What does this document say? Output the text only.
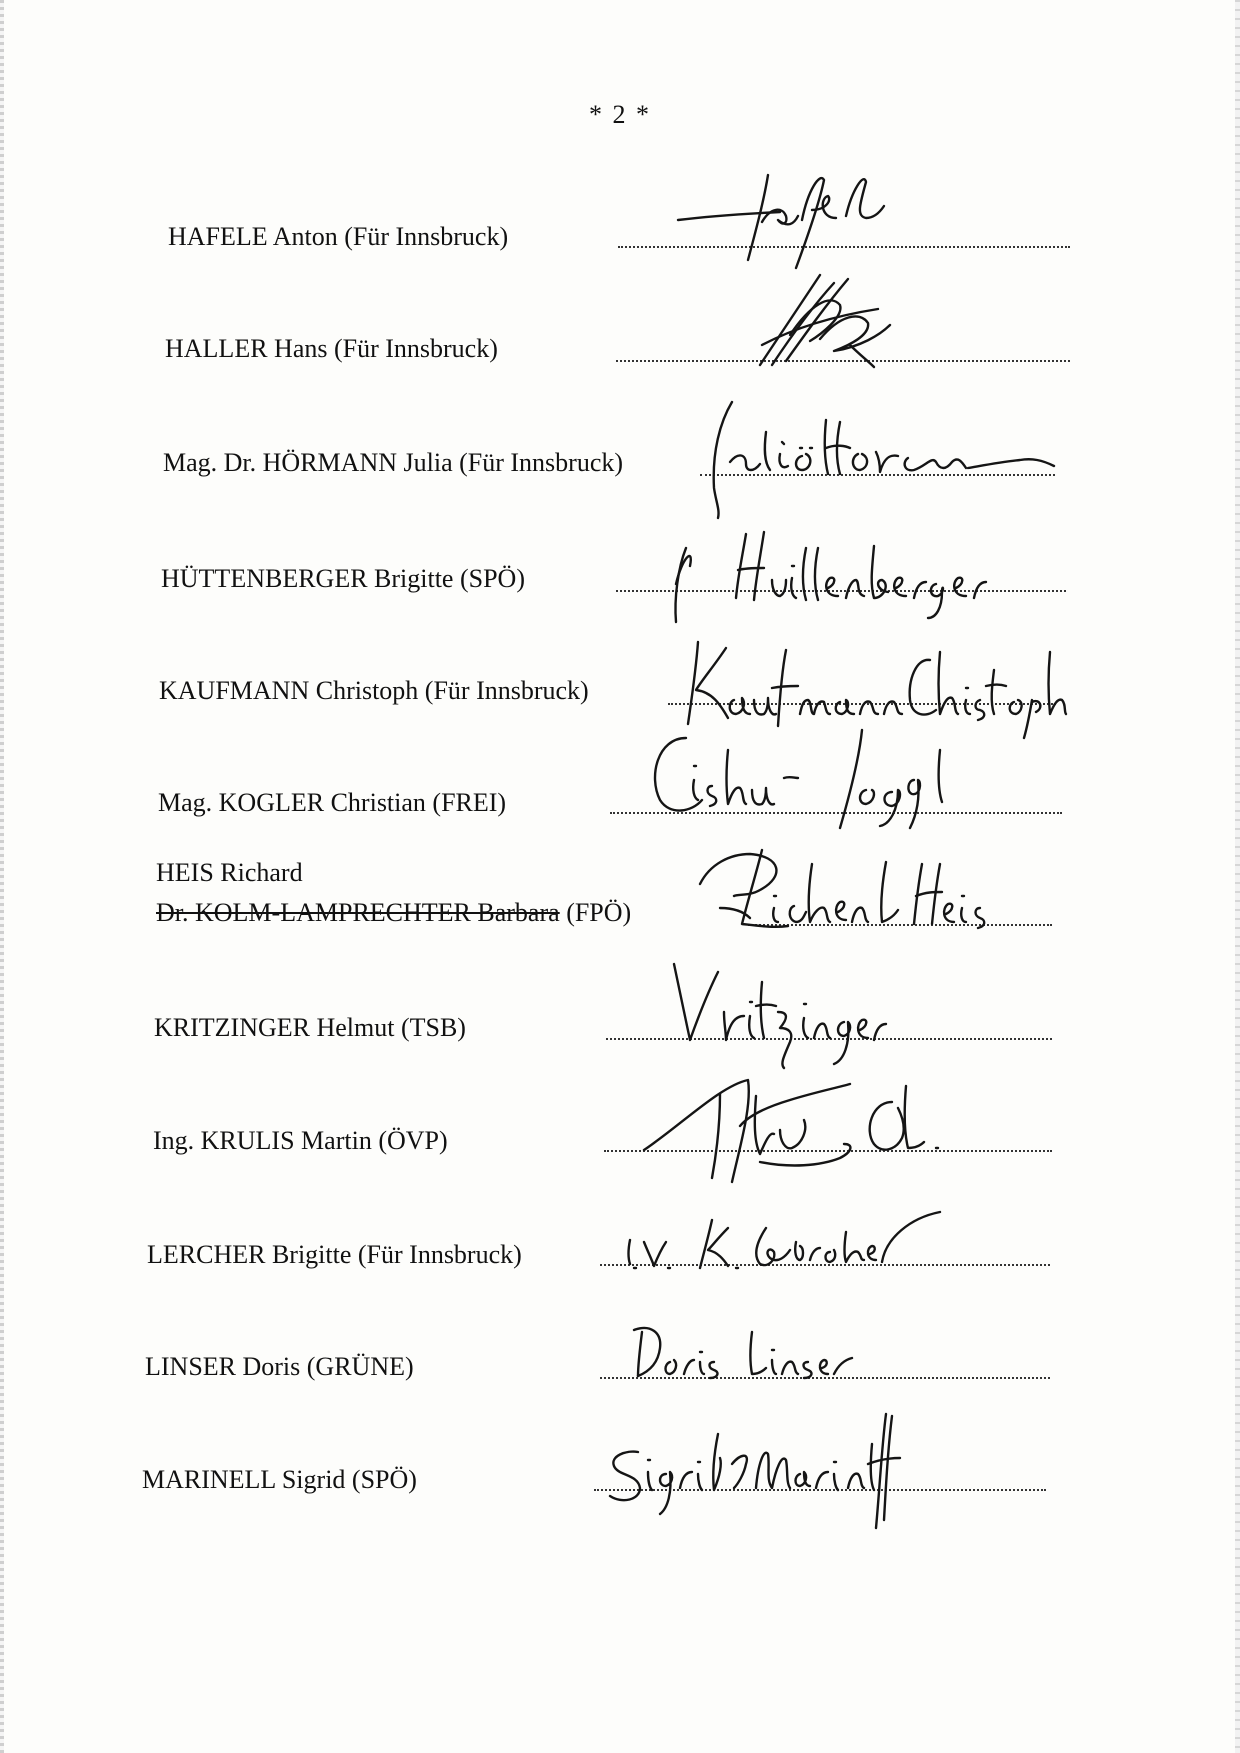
* 2 *
HAFELE Anton (Für Innsbruck)
HALLER Hans (Für Innsbruck)
Mag. Dr. HÖRMANN Julia (Für Innsbruck)
HÜTTENBERGER Brigitte (SPÖ)
KAUFMANN Christoph (Für Innsbruck)
Mag. KOGLER Christian (FREI)
HEIS Richard
Dr. KOLM-LAMPRECHTER Barbara (FPÖ)
KRITZINGER Helmut (TSB)
Ing. KRULIS Martin (ÖVP)
LERCHER Brigitte (Für Innsbruck)
LINSER Doris (GRÜNE)
MARINELL Sigrid (SPÖ)
